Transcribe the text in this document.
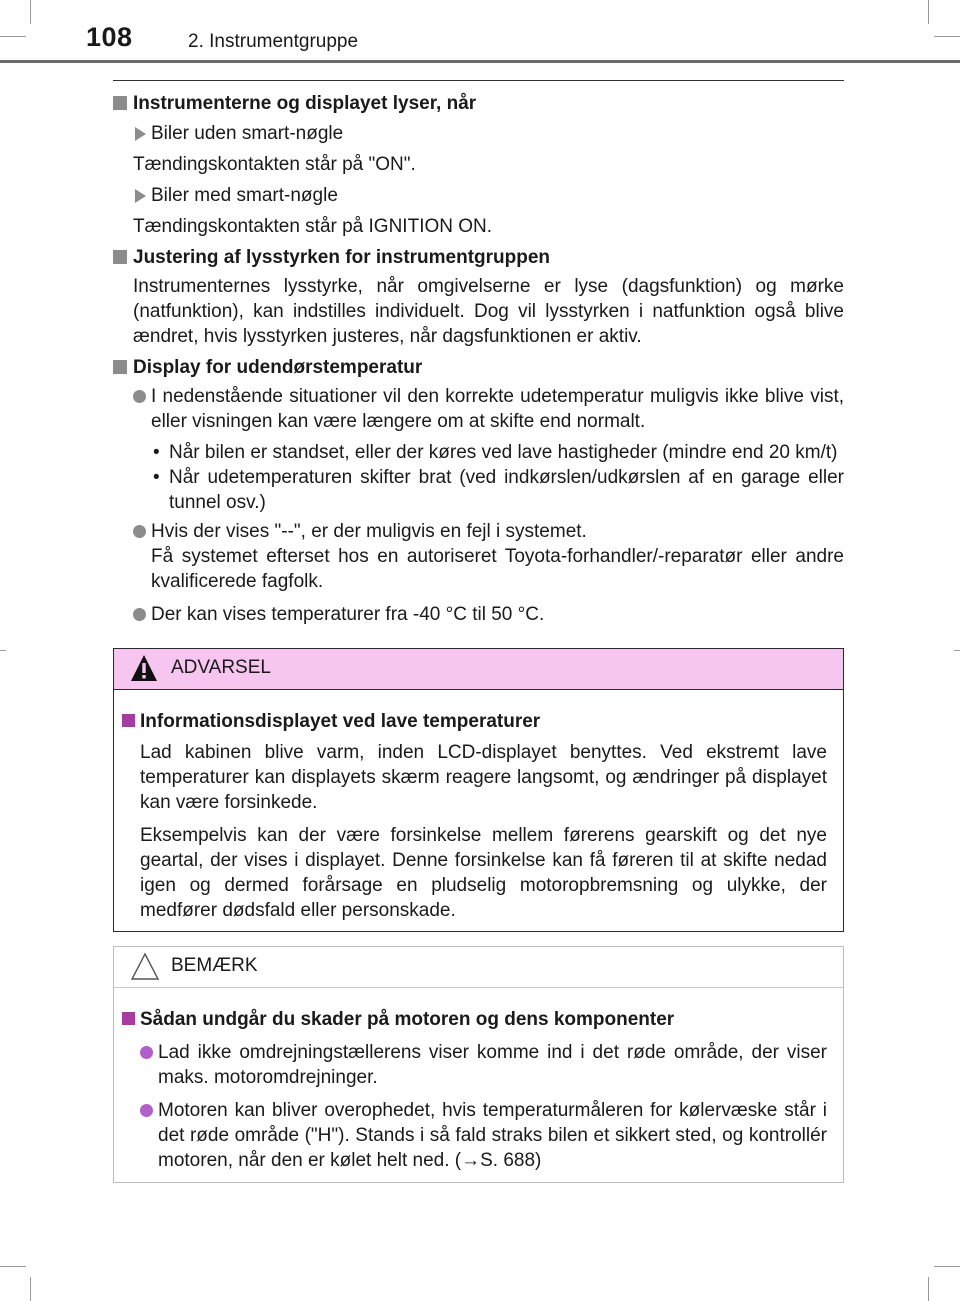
108	2. Instrumentgruppe
Instrumenterne og displayet lyser, når
Biler uden smart-nøgle
Tændingskontakten står på "ON".
Biler med smart-nøgle
Tændingskontakten står på IGNITION ON.
Justering af lysstyrken for instrumentgruppen
Instrumenternes lysstyrke, når omgivelserne er lyse (dagsfunktion) og mørke (natfunktion), kan indstilles individuelt. Dog vil lysstyrken i natfunktion også blive ændret, hvis lysstyrken justeres, når dagsfunktionen er aktiv.
Display for udendørstemperatur
I nedenstående situationer vil den korrekte udetemperatur muligvis ikke blive vist, eller visningen kan være længere om at skifte end normalt.
• Når bilen er standset, eller der køres ved lave hastigheder (mindre end 20 km/t)
• Når udetemperaturen skifter brat (ved indkørslen/udkørslen af en garage eller tunnel osv.)
Hvis der vises "--", er der muligvis en fejl i systemet.
Få systemet efterset hos en autoriseret Toyota-forhandler/-reparatør eller andre kvalificerede fagfolk.
Der kan vises temperaturer fra -40 °C til 50 °C.
ADVARSEL
Informationsdisplayet ved lave temperaturer
Lad kabinen blive varm, inden LCD-displayet benyttes. Ved ekstremt lave temperaturer kan displayets skærm reagere langsomt, og ændringer på displayet kan være forsinkede.
Eksempelvis kan der være forsinkelse mellem førerens gearskift og det nye geartal, der vises i displayet. Denne forsinkelse kan få føreren til at skifte nedad igen og dermed forårsage en pludselig motoropbremsning og ulykke, der medfører dødsfald eller personskade.
BEMÆRK
Sådan undgår du skader på motoren og dens komponenter
Lad ikke omdrejningstællerens viser komme ind i det røde område, der viser maks. motoromdrejninger.
Motoren kan bliver overophedet, hvis temperaturmåleren for kølervæske står i det røde område ("H"). Stands i så fald straks bilen et sikkert sted, og kontrollér motoren, når den er kølet helt ned. (→S. 688)
